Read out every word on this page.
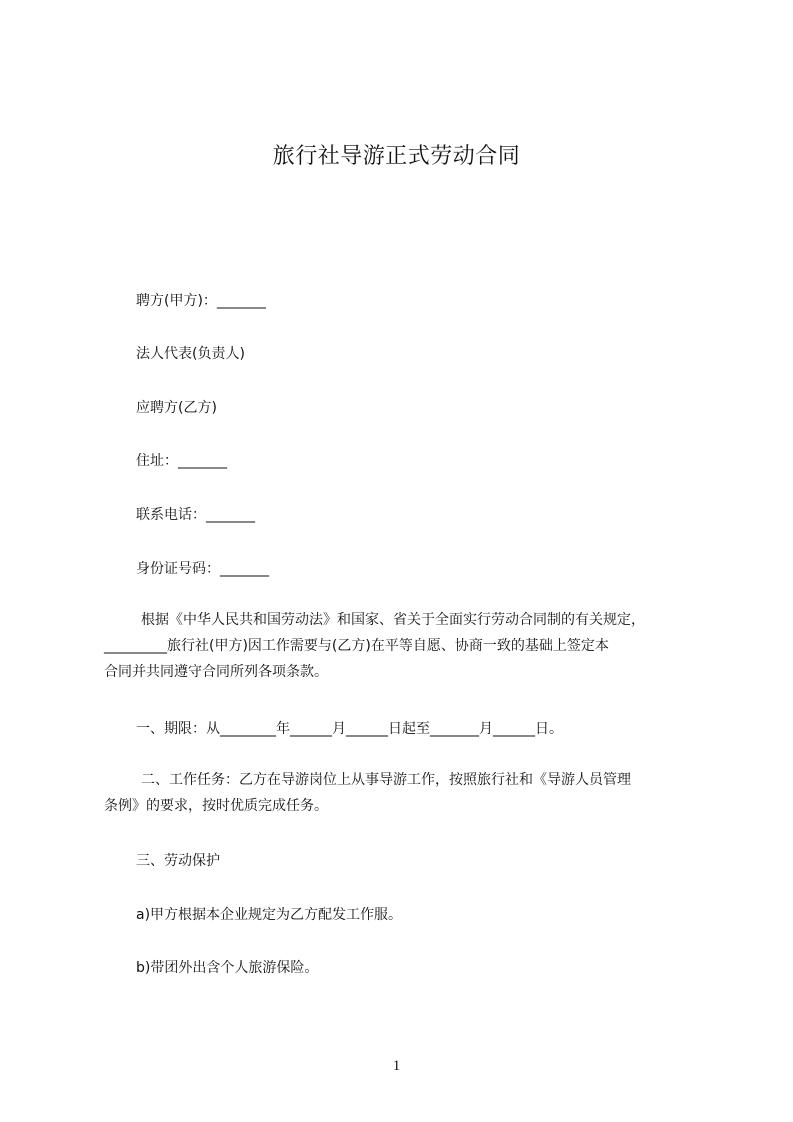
旅行社导游正式劳动合同
聘方(甲方)：_______
法人代表(负责人)
应聘方(乙方)
住址：_______
联系电话：_______
身份证号码：_______
根据《中华人民共和国劳动法》和国家、省关于全面实行劳动合同制的有关规定，
_________旅行社(甲方)因工作需要与(乙方)在平等自愿、协商一致的基础上签定本
合同并共同遵守合同所列各项条款。
一、期限：从________年______月______日起至_______月______日。
二、工作任务：乙方在导游岗位上从事导游工作，按照旅行社和《导游人员管理
条例》的要求，按时优质完成任务。
三、劳动保护
a)甲方根据本企业规定为乙方配发工作服。
b)带团外出含个人旅游保险。
1
